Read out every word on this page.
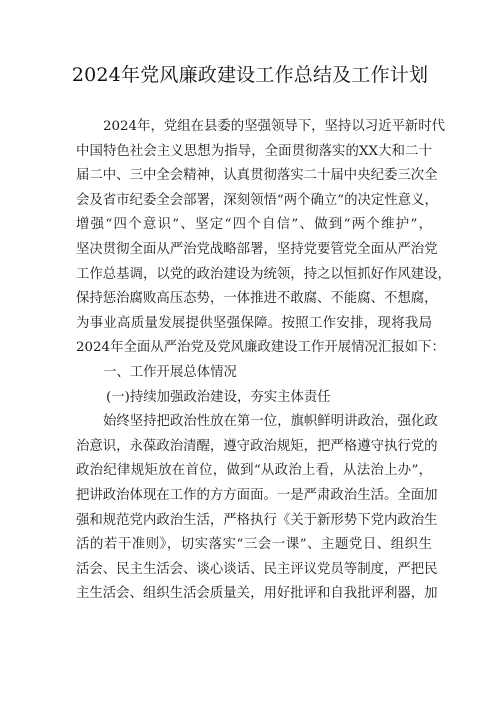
2024年党风廉政建设工作总结及工作计划
2024年，党组在县委的坚强领导下，坚持以习近平新时代
中国特色社会主义思想为指导，全面贯彻落实的XX大和二十
届二中、三中全会精神，认真贯彻落实二十届中央纪委三次全
会及省市纪委全会部署，深刻领悟“两个确立”的决定性意义，
增强“四个意识”、坚定“四个自信”、做到“两个维护”，
坚决贯彻全面从严治党战略部署，坚持党要管党全面从严治党
工作总基调，以党的政治建设为统领，持之以恒抓好作风建设，
保持惩治腐败高压态势，一体推进不敢腐、不能腐、不想腐，
为事业高质量发展提供坚强保障。按照工作安排，现将我局
2024年全面从严治党及党风廉政建设工作开展情况汇报如下：
一、工作开展总体情况
(一)持续加强政治建设，夯实主体责任
始终坚持把政治性放在第一位，旗帜鲜明讲政治，强化政
治意识，永葆政治清醒，遵守政治规矩，把严格遵守执行党的
政治纪律规矩放在首位，做到“从政治上看，从法治上办”，
把讲政治体现在工作的方方面面。一是严肃政治生活。全面加
强和规范党内政治生活，严格执行《关于新形势下党内政治生
活的若干准则》，切实落实“三会一课”、主题党日、组织生
活会、民主生活会、谈心谈话、民主评议党员等制度，严把民
主生活会、组织生活会质量关，用好批评和自我批评利器，加
